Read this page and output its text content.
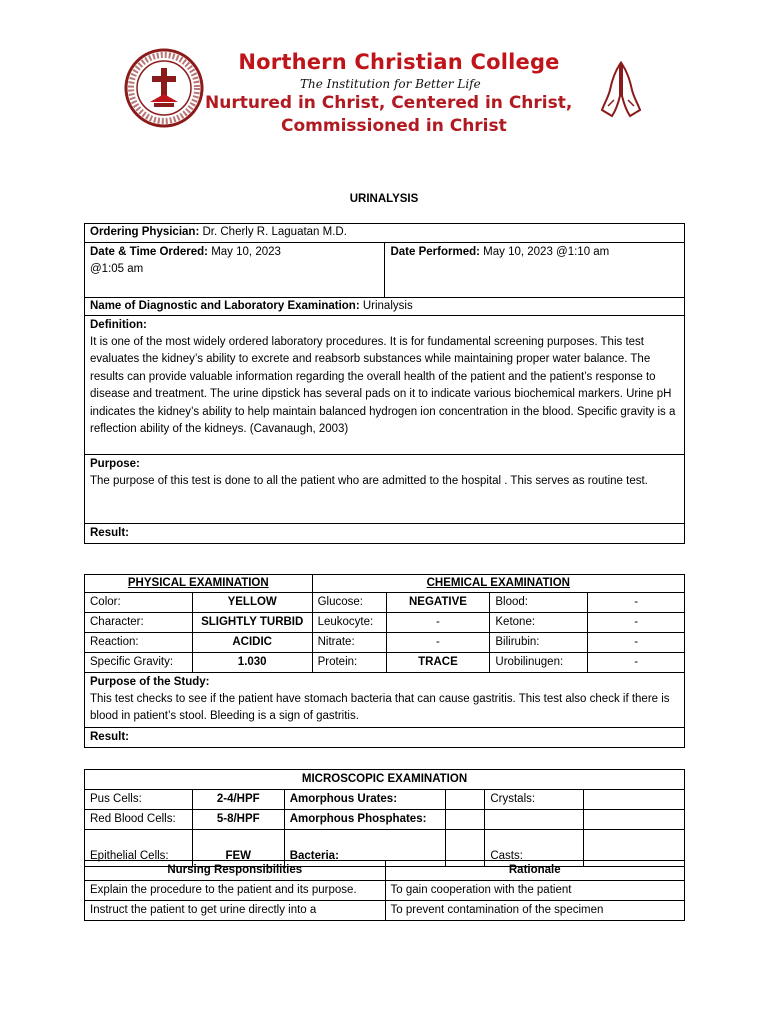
Northern Christian College
The Institution for Better Life
Nurtured in Christ, Centered in Christ,
Commissioned in Christ
URINALYSIS
Ordering Physician: Dr. Cherly R. Laguatan M.D.
Date & Time Ordered: May 10, 2023
@1:05 am	Date Performed: May 10, 2023 @1:10 am
Name of Diagnostic and Laboratory Examination: Urinalysis
Definition:
It is one of the most widely ordered laboratory procedures. It is for fundamental screening purposes. This test evaluates the kidney’s ability to excrete and reabsorb substances while maintaining proper water balance. The results can provide valuable information regarding the overall health of the patient and the patient’s response to disease and treatment. The urine dipstick has several pads on it to indicate various biochemical markers. Urine pH indicates the kidney’s ability to help maintain balanced hydrogen ion concentration in the blood. Specific gravity is a reflection ability of the kidneys. (Cavanaugh, 2003)

Purpose:
The purpose of this test is done to all the patient who are admitted to the hospital . This serves as routine test.

Result:
PHYSICAL EXAMINATION		CHEMICAL EXAMINATION			
Color:	YELLOW	Glucose:	NEGATIVE	Blood:	-
Character:	SLIGHTLY TURBID	Leukocyte:	-	Ketone:	-
Reaction:	ACIDIC	Nitrate:	-	Bilirubin:	-
Specific Gravity:	1.030	Protein:	TRACE	Urobilinugen:	-
Purpose of the Study:
This test checks to see if the patient have stomach bacteria that can cause gastritis. This test also check if there is blood in patient’s stool. Bleeding is a sign of gastritis.					

Result:					
MICROSCOPIC EXAMINATION					
Pus Cells:	2-4/HPF	Amorphous Urates:		Crystals:	
Red Blood Cells:	5-8/HPF	Amorphous Phosphates:			
Epithelial Cells:	FEW	Bacteria:		Casts:	
Nursing Responsibilities	Rationale
Explain the procedure to the patient and its purpose.	To gain cooperation with the patient
Instruct the patient to get urine directly into a	To prevent contamination of the specimen
